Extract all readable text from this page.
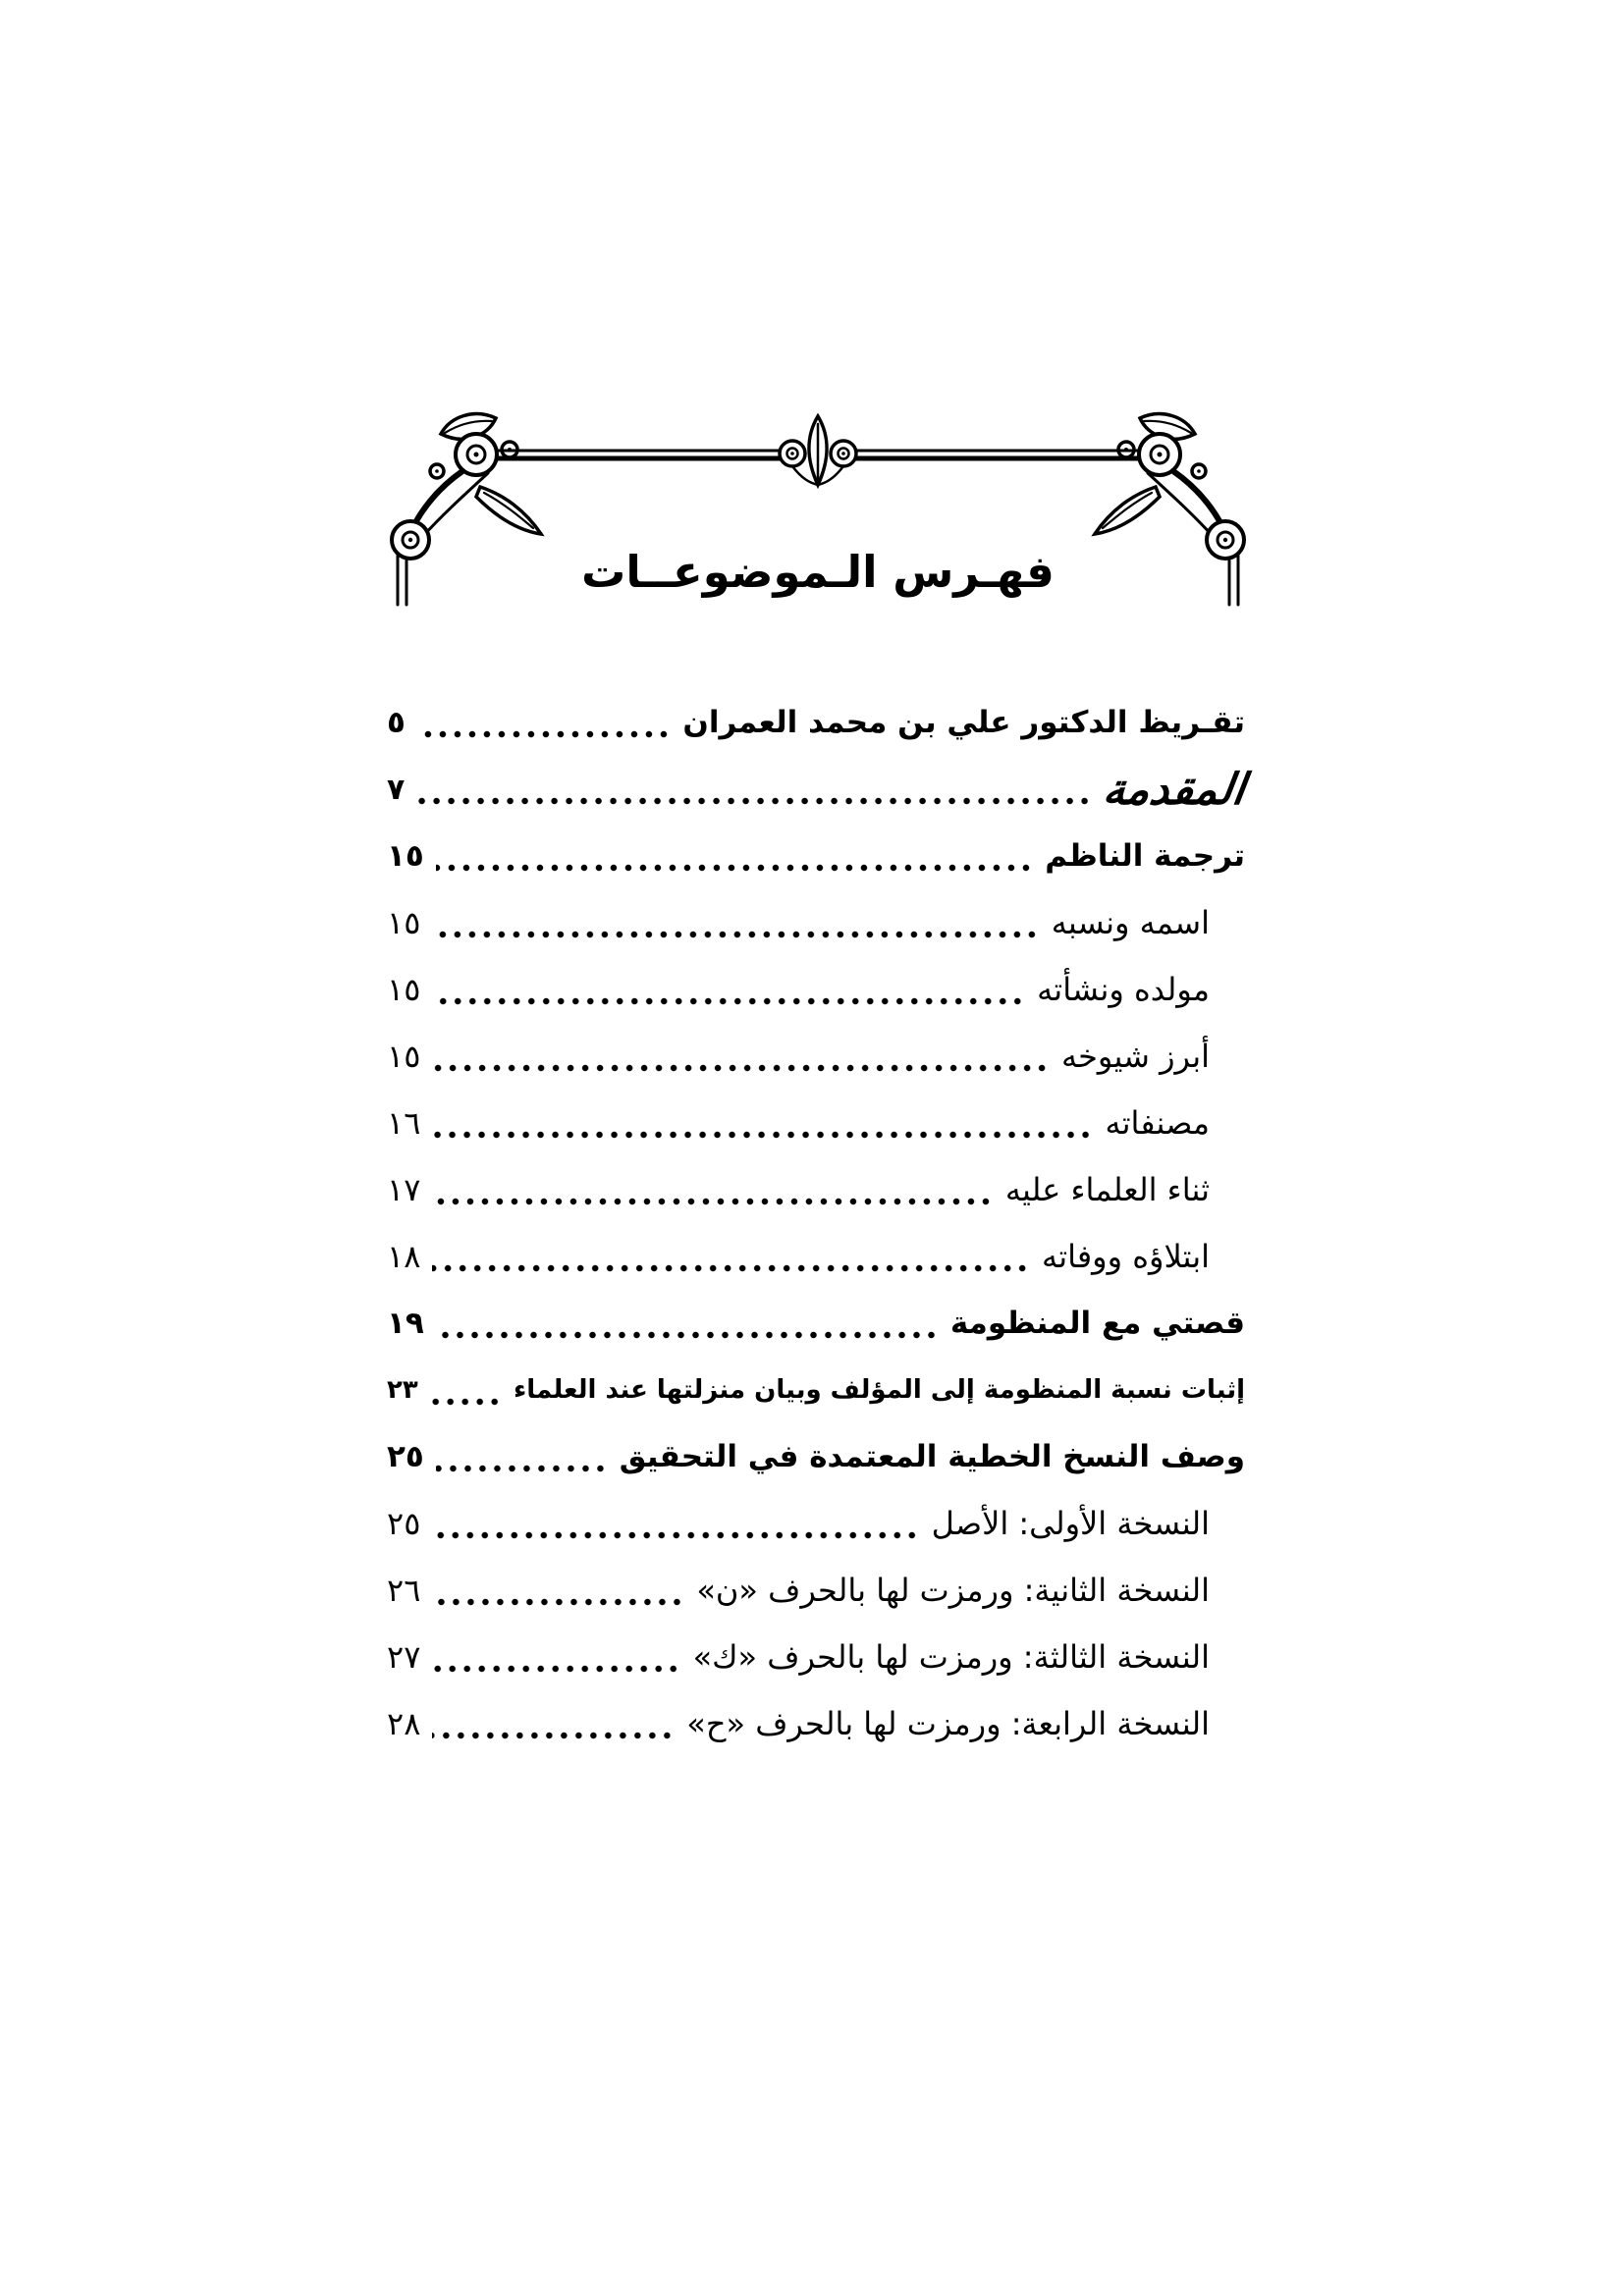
فهـرس الـموضوعــات
تقـريظ الدكتور علي بن محمد العمران
٥
المقدمة
٧
ترجمة الناظم
١٥
اسمه ونسبه
١٥
مولده ونشأته
١٥
أبرز شيوخه
١٥
مصنفاته
١٦
ثناء العلماء عليه
١٧
ابتلاؤه ووفاته
١٨
قصتي مع المنظومة
١٩
إثبات نسبة المنظومة إلى المؤلف وبيان منزلتها عند العلماء
٢٣
وصف النسخ الخطية المعتمدة في التحقيق
٢٥
النسخة الأولى: الأصل
٢٥
النسخة الثانية: ورمزت لها بالحرف «ن»
٢٦
النسخة الثالثة: ورمزت لها بالحرف «ك»
٢٧
النسخة الرابعة: ورمزت لها بالحرف «ح»
٢٨
